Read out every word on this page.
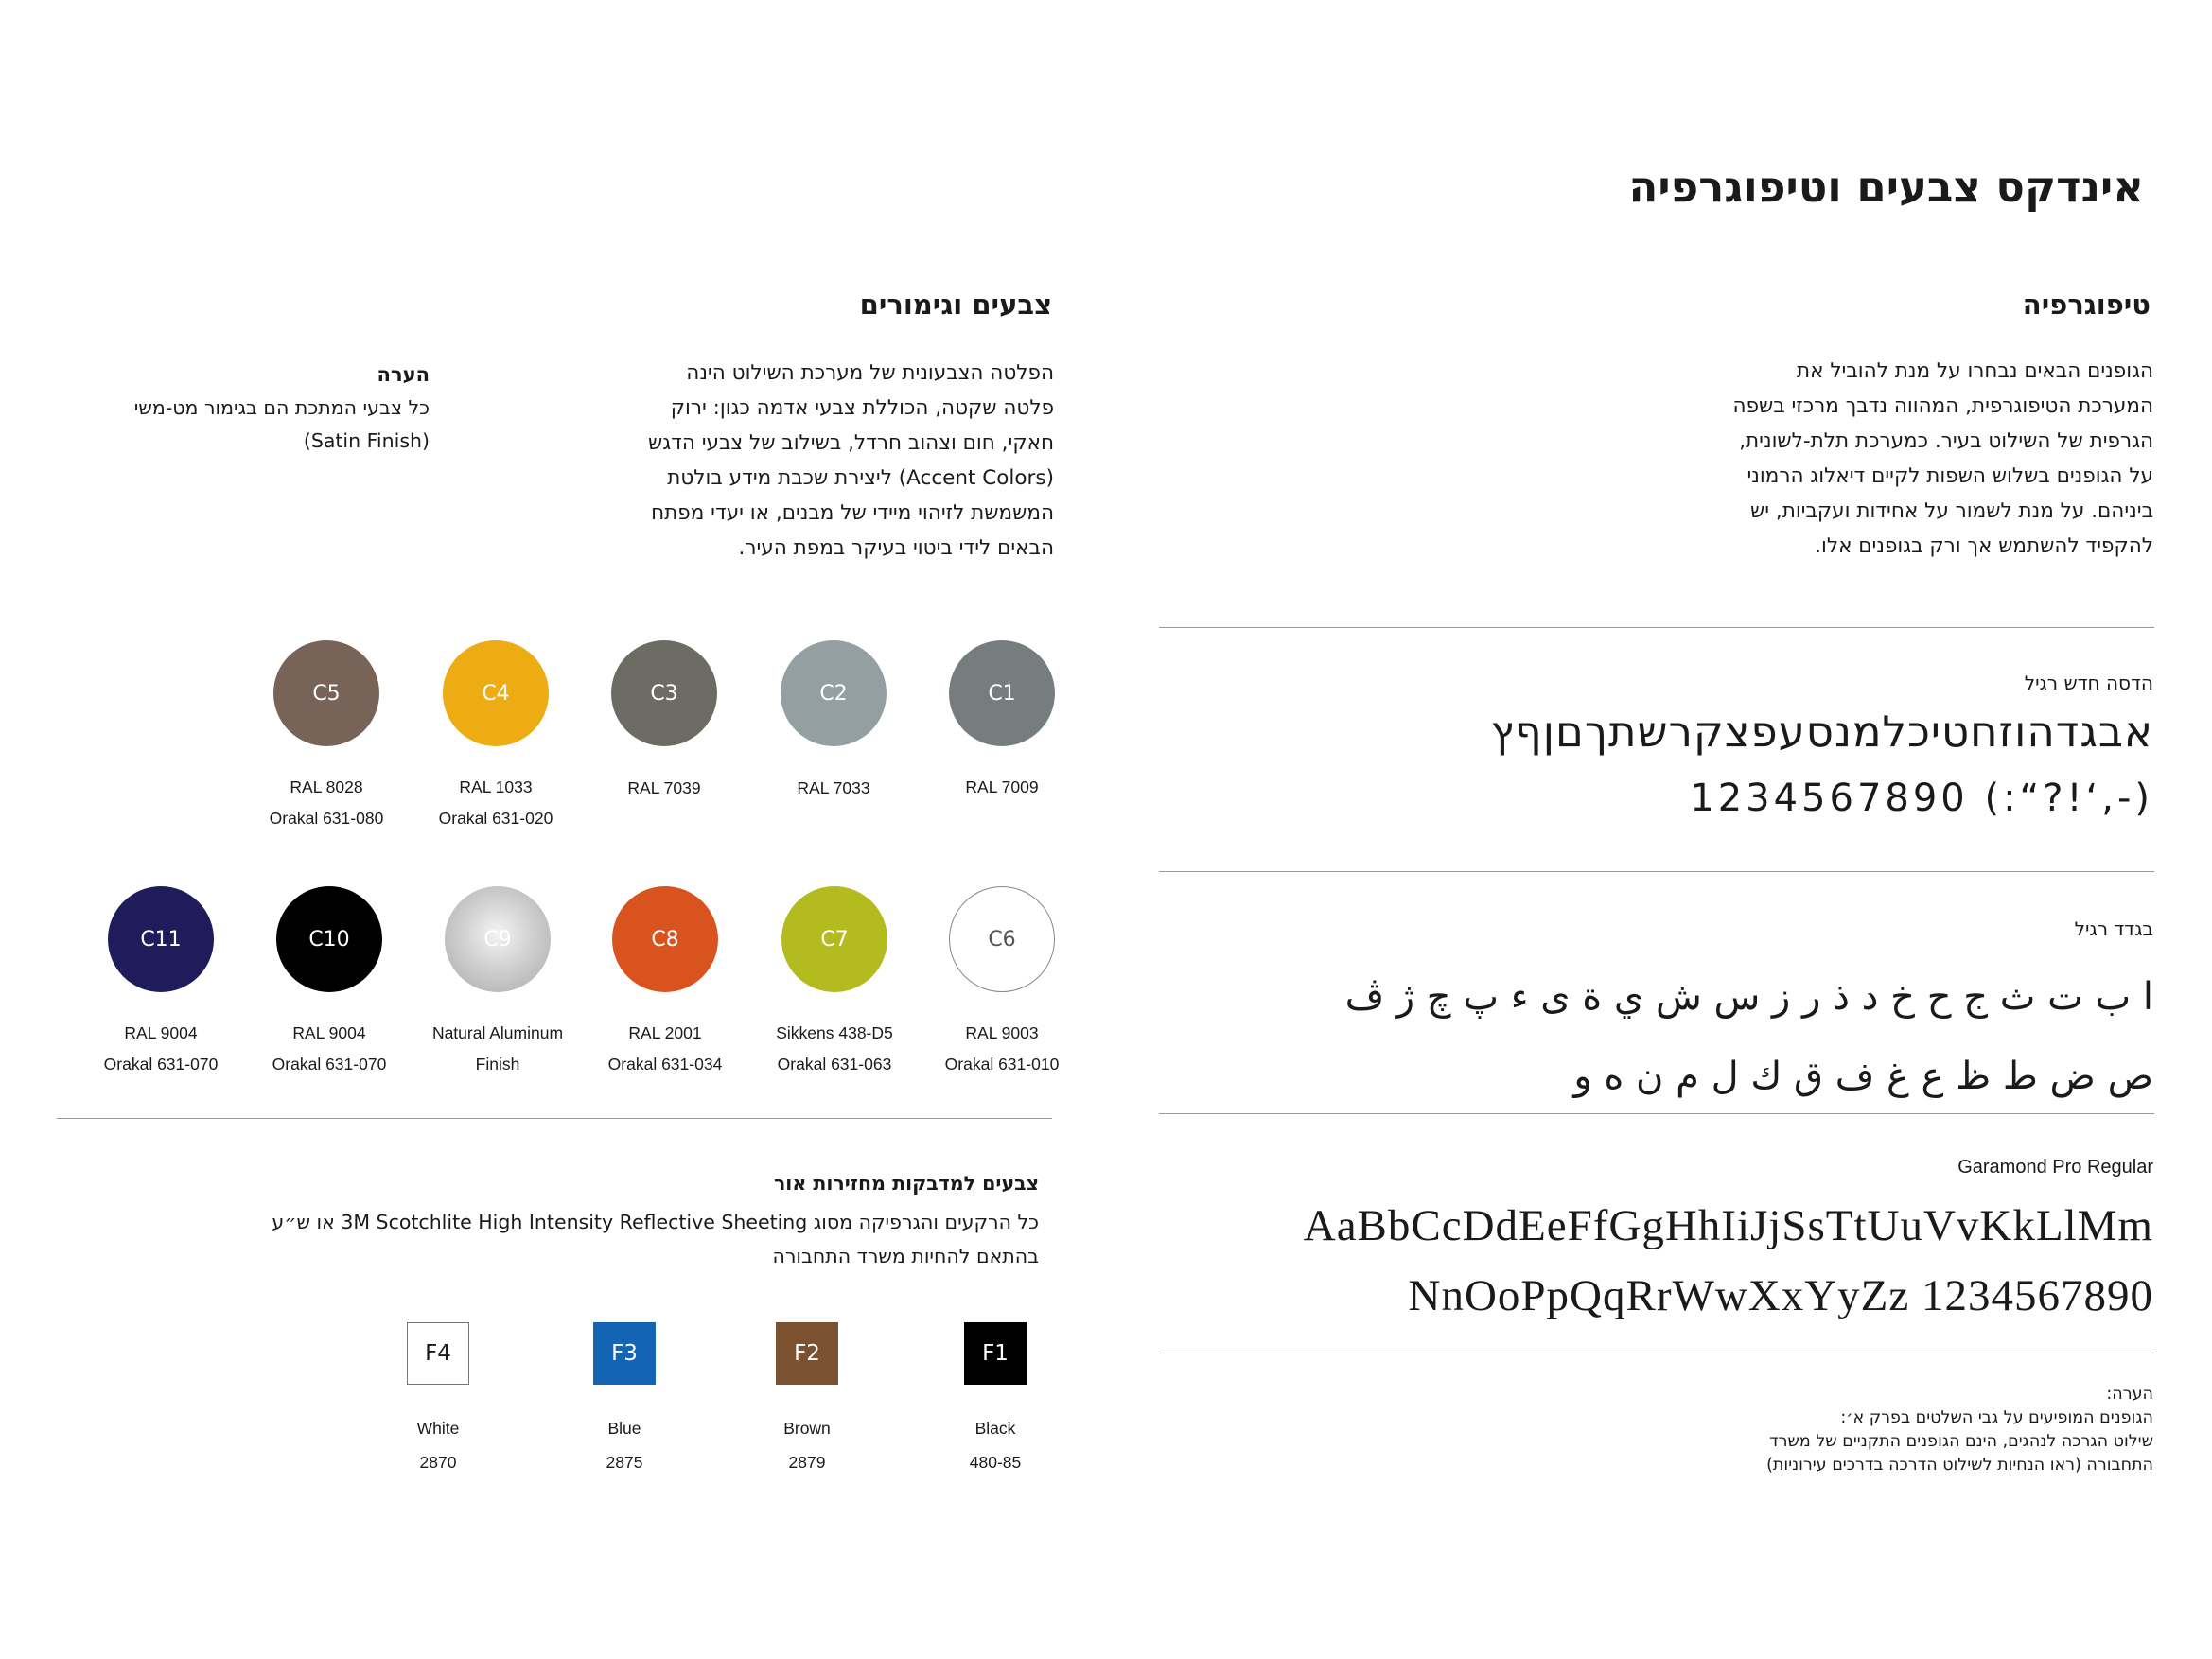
אינדקס צבעים וטיפוגרפיה
טיפוגרפיה
הגופנים הבאים נבחרו על מנת להוביל את
המערכת הטיפוגרפית, המהווה נדבך מרכזי בשפה
הגרפית של השילוט בעיר. כמערכת תלת-לשונית,
על הגופנים בשלוש השפות לקיים דיאלוג הרמוני
ביניהם. על מנת לשמור על אחידות ועקביות, יש
להקפיד להשתמש אך ורק בגופנים אלו.
הדסה חדש רגיל
אבגדהוזחטיכלמנסעפצקרשתךםןףץ
1234567890 (:“?!‘,-)
בגדד רגיל
ا ب ت ث ج ح خ د ذ ر ز س ش ي ة ى ء پ چ ژ ڤ
ص ض ط ظ ع غ ف ق ك ل م ن ه و
Garamond Pro Regular
AaBbCcDdEeFfGgHhIiJjSsTtUuVvKkLlMm
NnOoPpQqRrWwXxYyZz 1234567890
הערה:
הגופנים המופיעים על גבי השלטים בפרק א׳:
שילוט הגרכה לנהגים, הינם הגופנים התקניים של משרד
התחבורה (ראו הנחיות לשילוט הדרכה בדרכים עירוניות)
צבעים וגימורים
הפלטה הצבעונית של מערכת השילוט הינה
פלטה שקטה, הכוללת צבעי אדמה כגון: ירוק
חאקי, חום וצהוב חרדל, בשילוב של צבעי הדגש
(Accent Colors) ליצירת שכבת מידע בולטת
המשמשת לזיהוי מיידי של מבנים, או יעדי מפתח
הבאים לידי ביטוי בעיקר במפת העיר.
הערה
כל צבעי המתכת הם בגימור מט-משי
(Satin Finish)
C1
RAL 7009
C2
RAL 7033
C3
RAL 7039
C4
RAL 1033
Orakal 631-020
C5
RAL 8028
Orakal 631-080
C6
RAL 9003
Orakal 631-010
C7
Sikkens 438-D5
Orakal 631-063
C8
RAL 2001
Orakal 631-034
C9
Natural Aluminum
Finish
C10
RAL 9004
Orakal 631-070
C11
RAL 9004
Orakal 631-070
צבעים למדבקות מחזירות אור
כל הרקעים והגרפיקה מסוג 3M Scotchlite High Intensity Reflective Sheeting או ש״ע
בהתאם להחיות משרד התחבורה
F1
Black
480-85
F2
Brown
2879
F3
Blue
2875
F4
White
2870
